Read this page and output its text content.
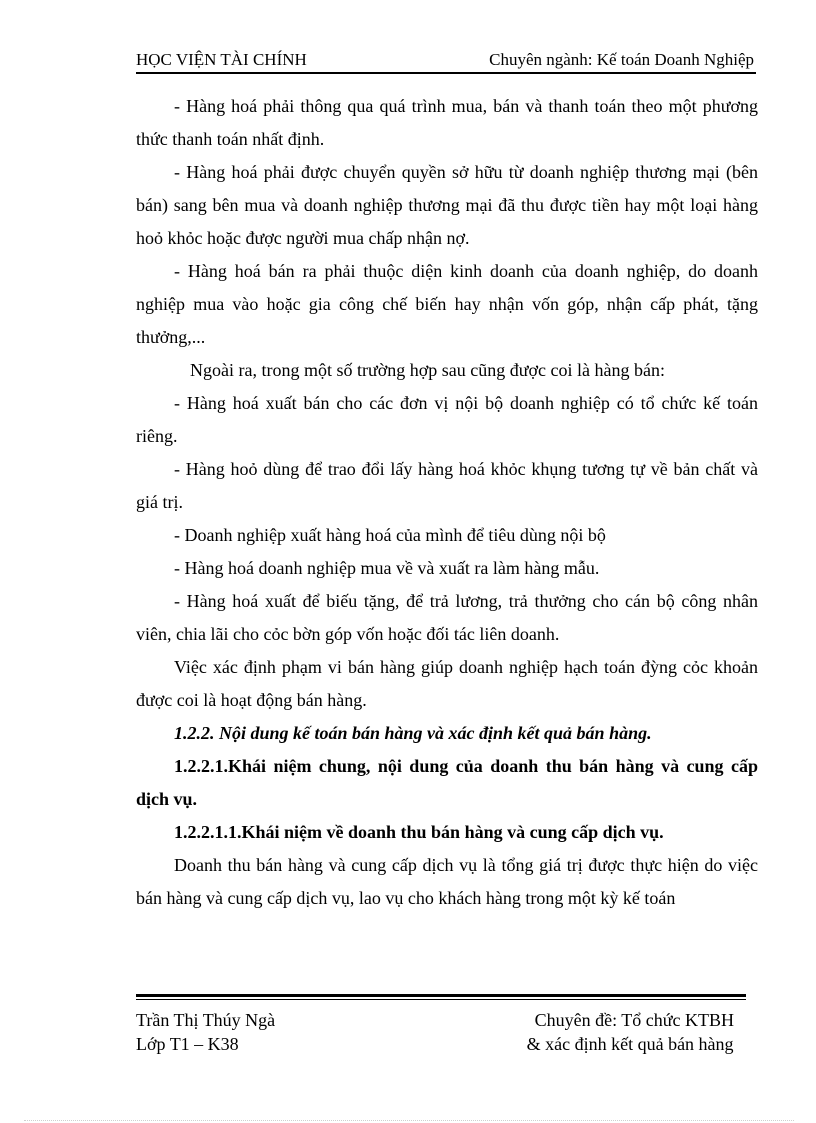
HỌC VIỆN TÀI CHÍNH	Chuyên ngành: Kế toán Doanh Nghiệp

- Hàng hoá phải thông qua quá trình mua, bán và thanh toán theo một phương thức thanh toán nhất định.

- Hàng hoá phải được chuyển quyền sở hữu từ doanh nghiệp thương mại (bên bán) sang bên mua và doanh nghiệp thương mại đã thu được tiền hay một loại hàng hoỏ khỏc hoặc được người mua chấp nhận nợ.

- Hàng hoá bán ra phải thuộc diện kinh doanh của doanh nghiệp, do doanh nghiệp mua vào hoặc gia công chế biến hay nhận vốn góp, nhận cấp phát, tặng thưởng,...

Ngoài ra, trong một số trường hợp sau cũng được coi là hàng bán:

- Hàng hoá xuất bán cho các đơn vị nội bộ doanh nghiệp có tổ chức kế toán riêng.

- Hàng hoỏ dùng để trao đổi lấy hàng hoá khỏc khụng tương tự về bản chất và giá trị.

- Doanh nghiệp xuất hàng hoá của mình để tiêu dùng nội bộ

- Hàng hoá doanh nghiệp mua về và xuất ra làm hàng mẫu.

- Hàng hoá xuất để biếu tặng, để trả lương, trả thưởng cho cán bộ công nhân viên, chia lãi cho cỏc bờn góp vốn hoặc đối tác liên doanh.

Việc xác định phạm vi bán hàng giúp doanh nghiệp hạch toán đỳng cỏc khoản được coi là hoạt động bán hàng.

1.2.2. Nội dung kế toán bán hàng và xác định kết quả bán hàng.

1.2.2.1.Khái niệm chung, nội dung của doanh thu bán hàng và cung cấp dịch vụ.

1.2.2.1.1.Khái niệm về doanh thu bán hàng và cung cấp dịch vụ.

Doanh thu bán hàng và cung cấp dịch vụ là tổng giá trị được thực hiện do việc bán hàng và cung cấp dịch vụ, lao vụ cho khách hàng trong một kỳ kế toán

Trần Thị Thúy Ngà
Lớp T1 – K38
Chuyên đề: Tổ chức KTBH
& xác định kết quả bán hàng
